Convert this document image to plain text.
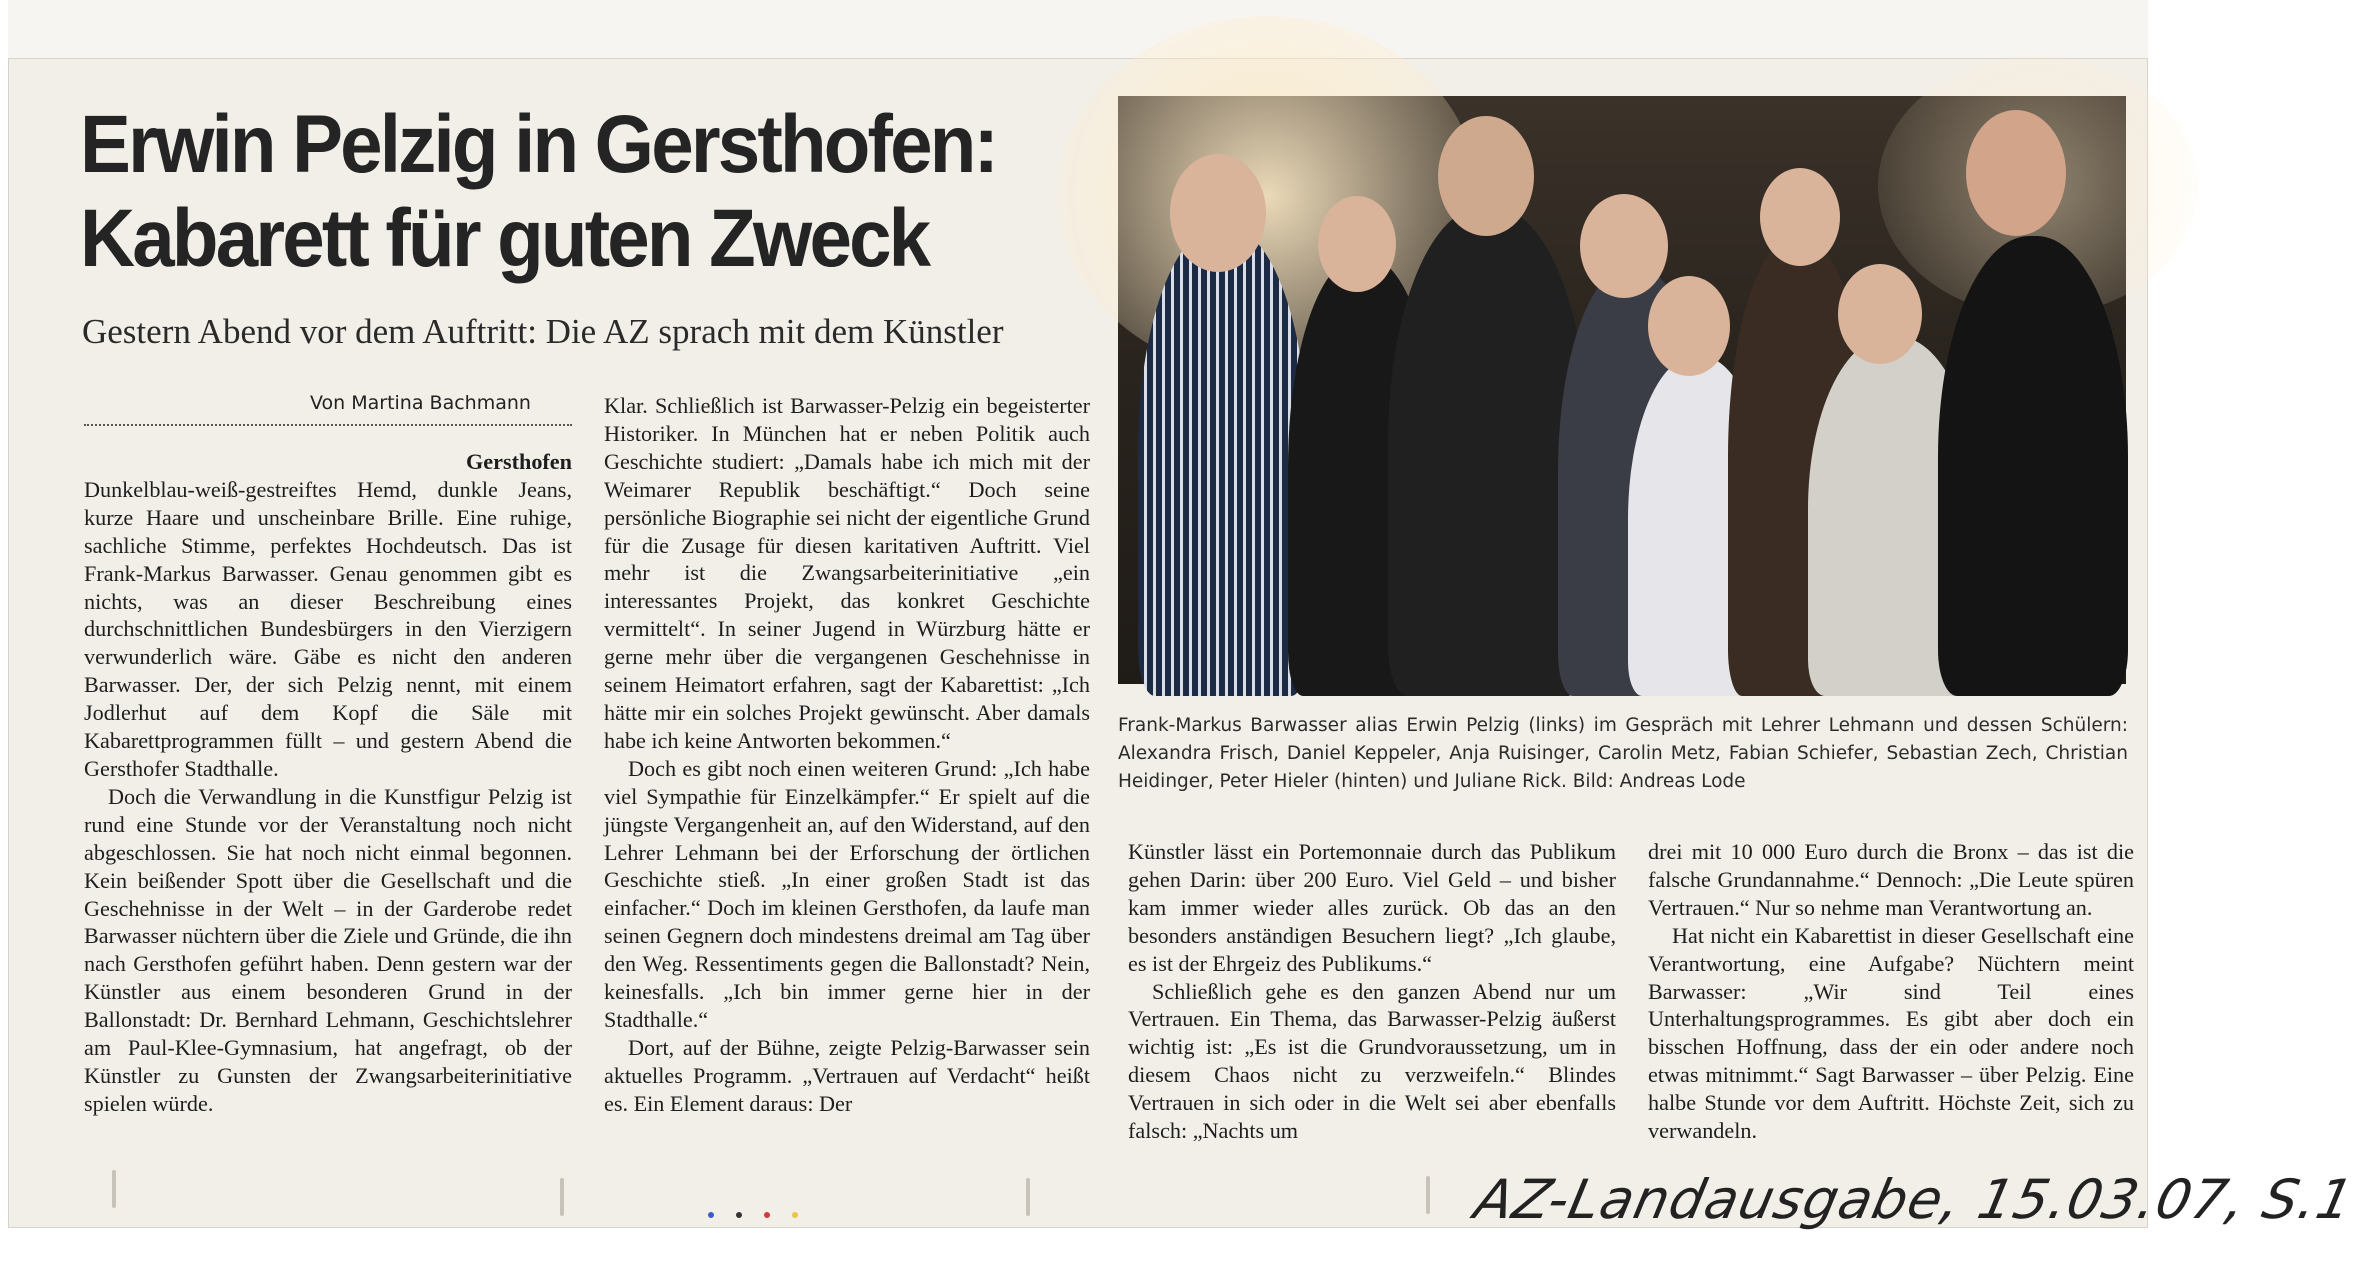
Erwin Pelzig in Gersthofen:
Kabarett für guten Zweck
Gestern Abend vor dem Auftritt: Die AZ sprach mit dem Künstler
Von Martina Bachmann
Gersthofen

Dunkelblau-weiß-gestreiftes Hemd, dunkle Jeans, kurze Haare und unscheinbare Brille. Eine ruhige, sachliche Stimme, perfektes Hochdeutsch. Das ist Frank-Markus Barwasser. Genau genommen gibt es nichts, was an dieser Beschreibung eines durchschnittlichen Bundesbürgers in den Vierzigern verwunderlich wäre. Gäbe es nicht den anderen Barwasser. Der, der sich Pelzig nennt, mit einem Jodlerhut auf dem Kopf die Säle mit Kabarettprogrammen füllt – und gestern Abend die Gersthofer Stadthalle.

Doch die Verwandlung in die Kunstfigur Pelzig ist rund eine Stunde vor der Veranstaltung noch nicht abgeschlossen. Sie hat noch nicht einmal begonnen. Kein beißender Spott über die Gesellschaft und die Geschehnisse in der Welt – in der Garderobe redet Barwasser nüchtern über die Ziele und Gründe, die ihn nach Gersthofen geführt haben. Denn gestern war der Künstler aus einem besonderen Grund in der Ballonstadt: Dr. Bernhard Lehmann, Geschichtslehrer am Paul-Klee-Gymnasium, hat angefragt, ob der Künstler zu Gunsten der Zwangsarbeiterinitiative spielen würde.

Klar. Schließlich ist Barwasser-Pelzig ein begeisterter Historiker. In München hat er neben Politik auch Geschichte studiert: „Damals habe ich mich mit der Weimarer Republik beschäftigt.“ Doch seine persönliche Biographie sei nicht der eigentliche Grund für die Zusage für diesen karitativen Auftritt. Viel mehr ist die Zwangsarbeiterinitiative „ein interessantes Projekt, das konkret Geschichte vermittelt“. In seiner Jugend in Würzburg hätte er gerne mehr über die vergangenen Geschehnisse in seinem Heimatort erfahren, sagt der Kabarettist: „Ich hätte mir ein solches Projekt gewünscht. Aber damals habe ich keine Antworten bekommen.“

Doch es gibt noch einen weiteren Grund: „Ich habe viel Sympathie für Einzelkämpfer.“ Er spielt auf die jüngste Vergangenheit an, auf den Widerstand, auf den Lehrer Lehmann bei der Erforschung der örtlichen Geschichte stieß. „In einer großen Stadt ist das einfacher.“ Doch im kleinen Gersthofen, da laufe man seinen Gegnern doch mindestens dreimal am Tag über den Weg. Ressentiments gegen die Ballonstadt? Nein, keinesfalls. „Ich bin immer gerne hier in der Stadthalle.“

Dort, auf der Bühne, zeigte Pelzig-Barwasser sein aktuelles Programm. „Vertrauen auf Verdacht“ heißt es. Ein Element daraus: Der

Frank-Markus Barwasser alias Erwin Pelzig (links) im Gespräch mit Lehrer Lehmann und dessen Schülern: Alexandra Frisch, Daniel Keppeler, Anja Ruisinger, Carolin Metz, Fabian Schiefer, Sebastian Zech, Christian Heidinger, Peter Hieler (hinten) und Juliane Rick. Bild: Andreas Lode

Künstler lässt ein Portemonnaie durch das Publikum gehen Darin: über 200 Euro. Viel Geld – und bisher kam immer wieder alles zurück. Ob das an den besonders anständigen Besuchern liegt? „Ich glaube, es ist der Ehrgeiz des Publikums.“

Schließlich gehe es den ganzen Abend nur um Vertrauen. Ein Thema, das Barwasser-Pelzig äußerst wichtig ist: „Es ist die Grundvoraussetzung, um in diesem Chaos nicht zu verzweifeln.“ Blindes Vertrauen in sich oder in die Welt sei aber ebenfalls falsch: „Nachts um

drei mit 10 000 Euro durch die Bronx – das ist die falsche Grundannahme.“ Dennoch: „Die Leute spüren Vertrauen.“ Nur so nehme man Verantwortung an.

Hat nicht ein Kabarettist in dieser Gesellschaft eine Verantwortung, eine Aufgabe? Nüchtern meint Barwasser: „Wir sind Teil eines Unterhaltungsprogrammes. Es gibt aber doch ein bisschen Hoffnung, dass der ein oder andere noch etwas mitnimmt.“ Sagt Barwasser – über Pelzig. Eine halbe Stunde vor dem Auftritt. Höchste Zeit, sich zu verwandeln.

AZ-Landausgabe, 15.03.07, S.1
